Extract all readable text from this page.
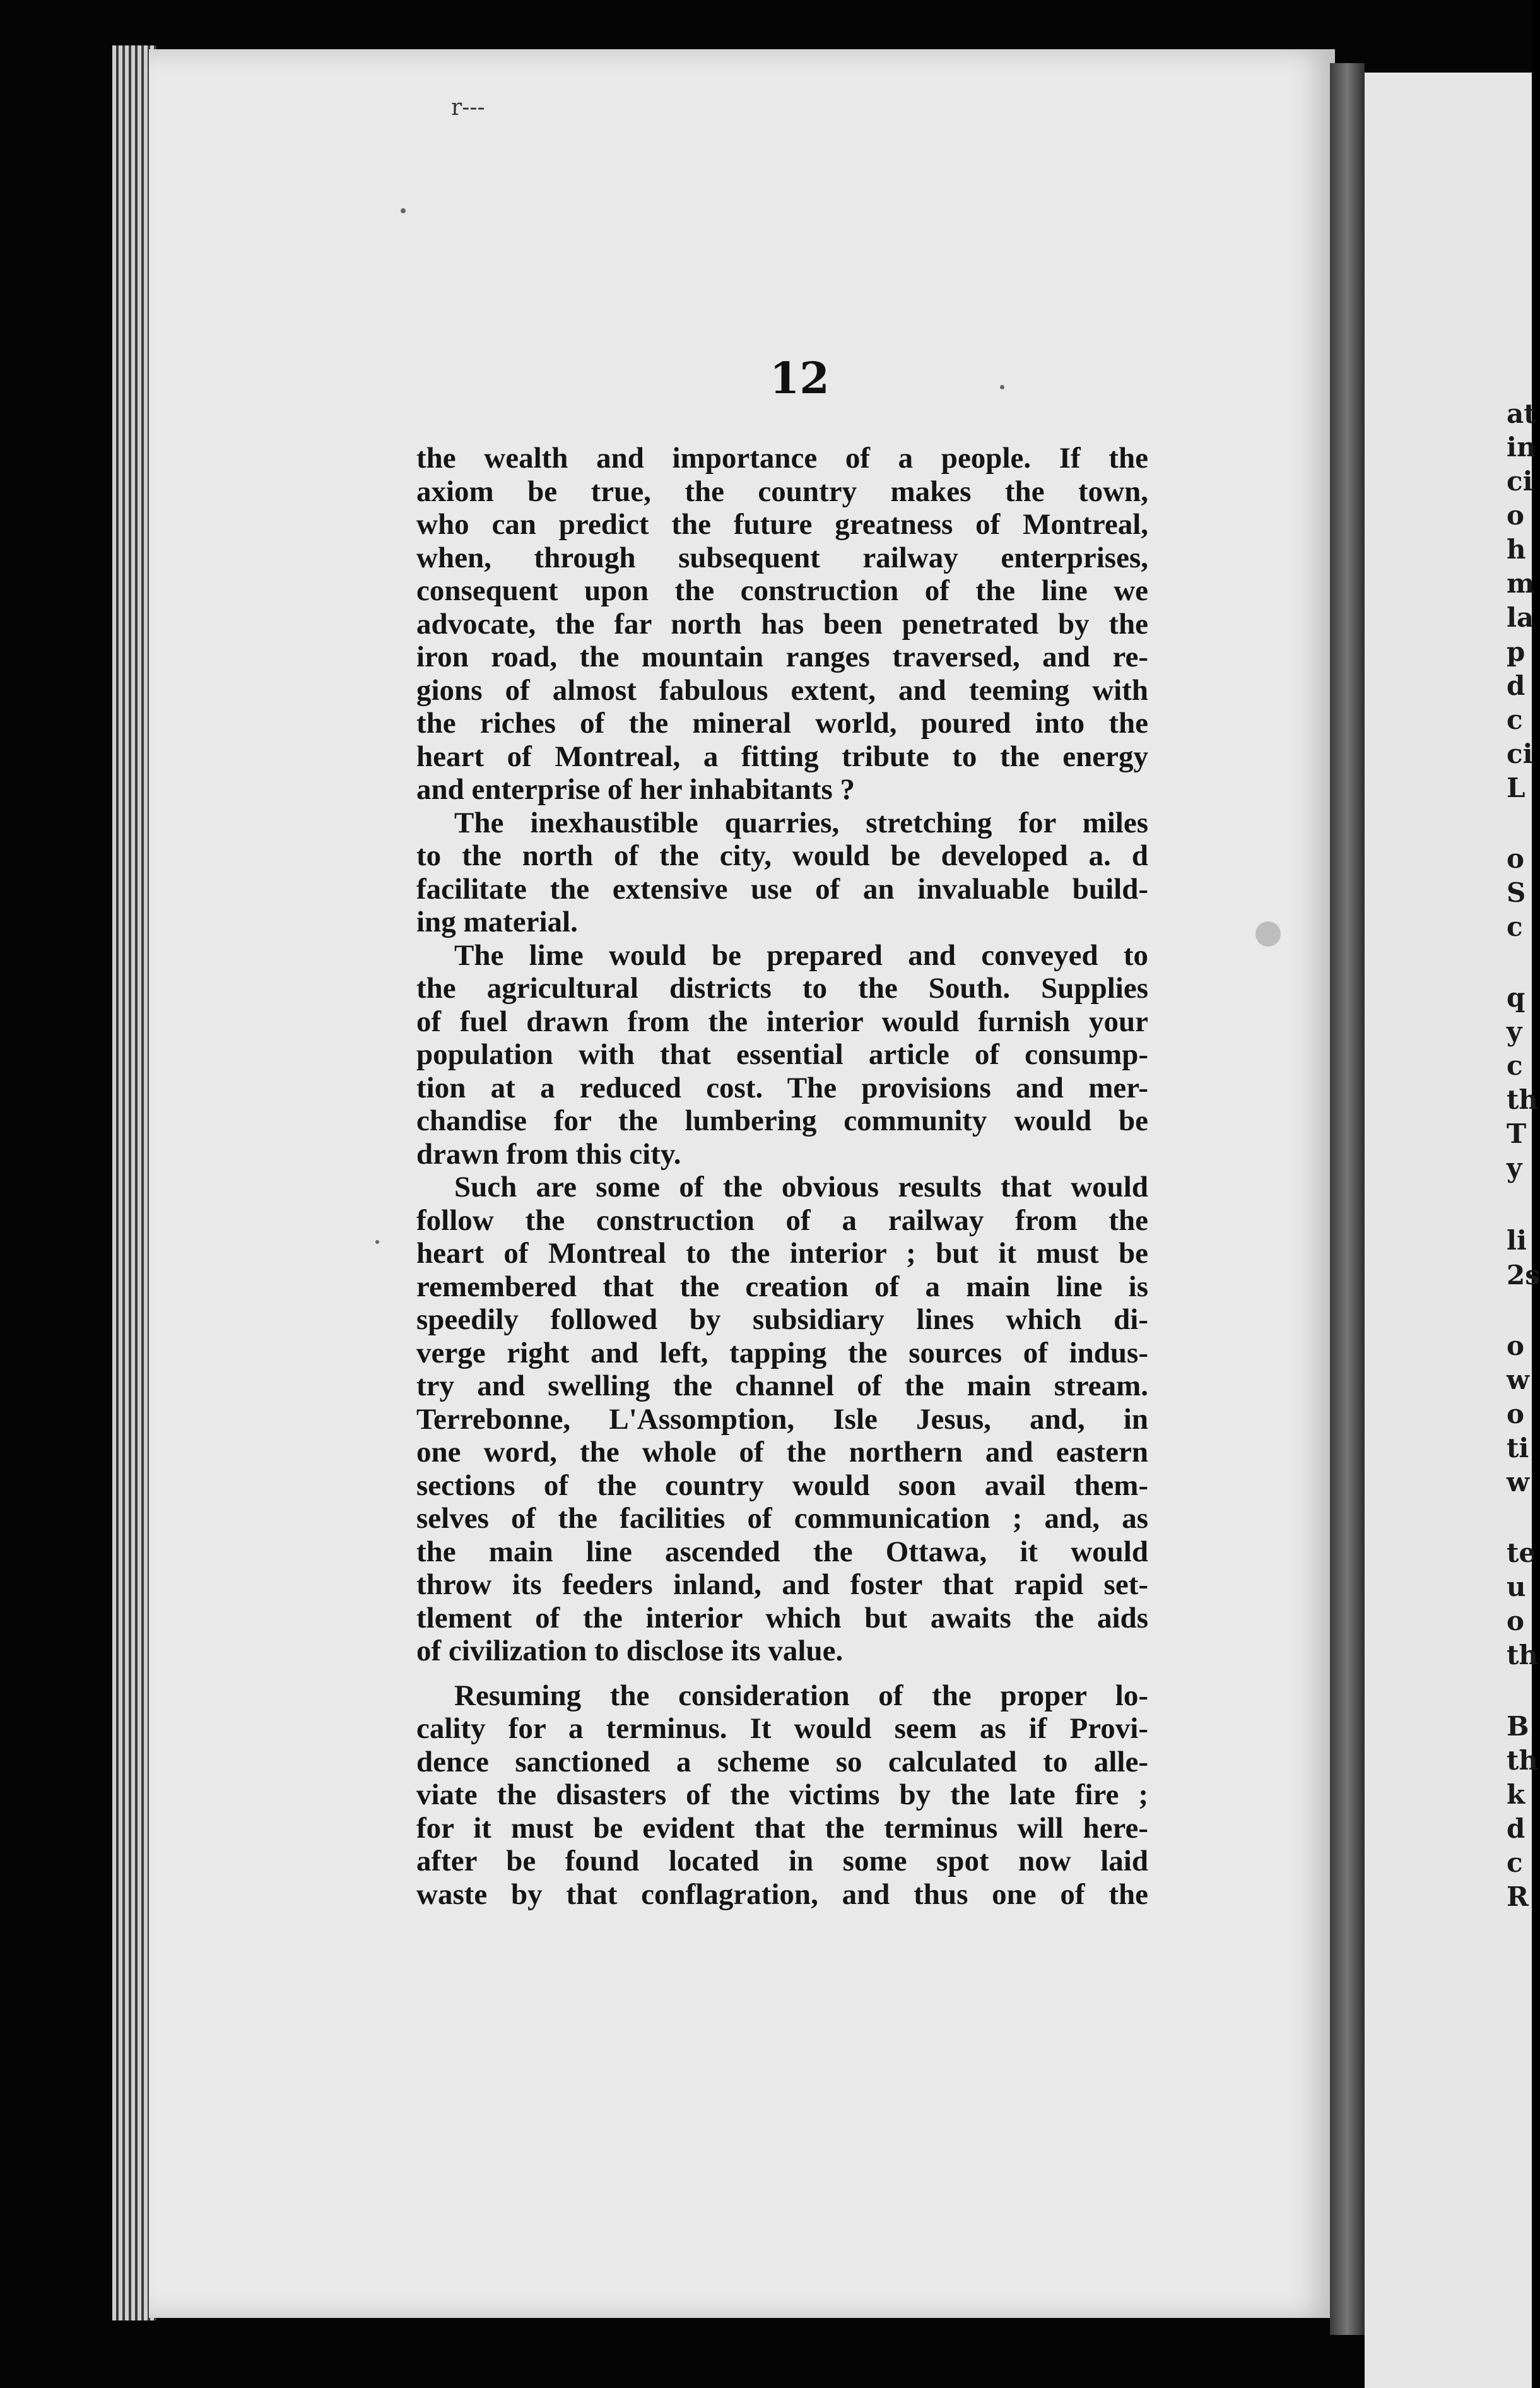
at
in
ci
o
h
m
la
p
d
c
ci
L
o
S
c
q
y
c
th
T
y
li
2s
o
w
o
ti
w
te
u
o
th
B
th
k
d
c
R
r---
12
the wealth and importance of a people. If the
axiom be true, the country makes the town,
who can predict the future greatness of Montreal,
when, through subsequent railway enterprises,
consequent upon the construction of the line we
advocate, the far north has been penetrated by the
iron road, the mountain ranges traversed, and re-
gions of almost fabulous extent, and teeming with
the riches of the mineral world, poured into the
heart of Montreal, a fitting tribute to the energy
and enterprise of her inhabitants ?
The inexhaustible quarries, stretching for miles
to the north of the city, would be developed a. d
facilitate the extensive use of an invaluable build-
ing material.
The lime would be prepared and conveyed to
the agricultural districts to the South. Supplies
of fuel drawn from the interior would furnish your
population with that essential article of consump-
tion at a reduced cost. The provisions and mer-
chandise for the lumbering community would be
drawn from this city.
Such are some of the obvious results that would
follow the construction of a railway from the
heart of Montreal to the interior ; but it must be
remembered that the creation of a main line is
speedily followed by subsidiary lines which di-
verge right and left, tapping the sources of indus-
try and swelling the channel of the main stream.
Terrebonne, L'Assomption, Isle Jesus, and, in
one word, the whole of the northern and eastern
sections of the country would soon avail them-
selves of the facilities of communication ; and, as
the main line ascended the Ottawa, it would
throw its feeders inland, and foster that rapid set-
tlement of the interior which but awaits the aids
of civilization to disclose its value.
Resuming the consideration of the proper lo-
cality for a terminus. It would seem as if Provi-
dence sanctioned a scheme so calculated to alle-
viate the disasters of the victims by the late fire ;
for it must be evident that the terminus will here-
after be found located in some spot now laid
waste by that conflagration, and thus one of the
